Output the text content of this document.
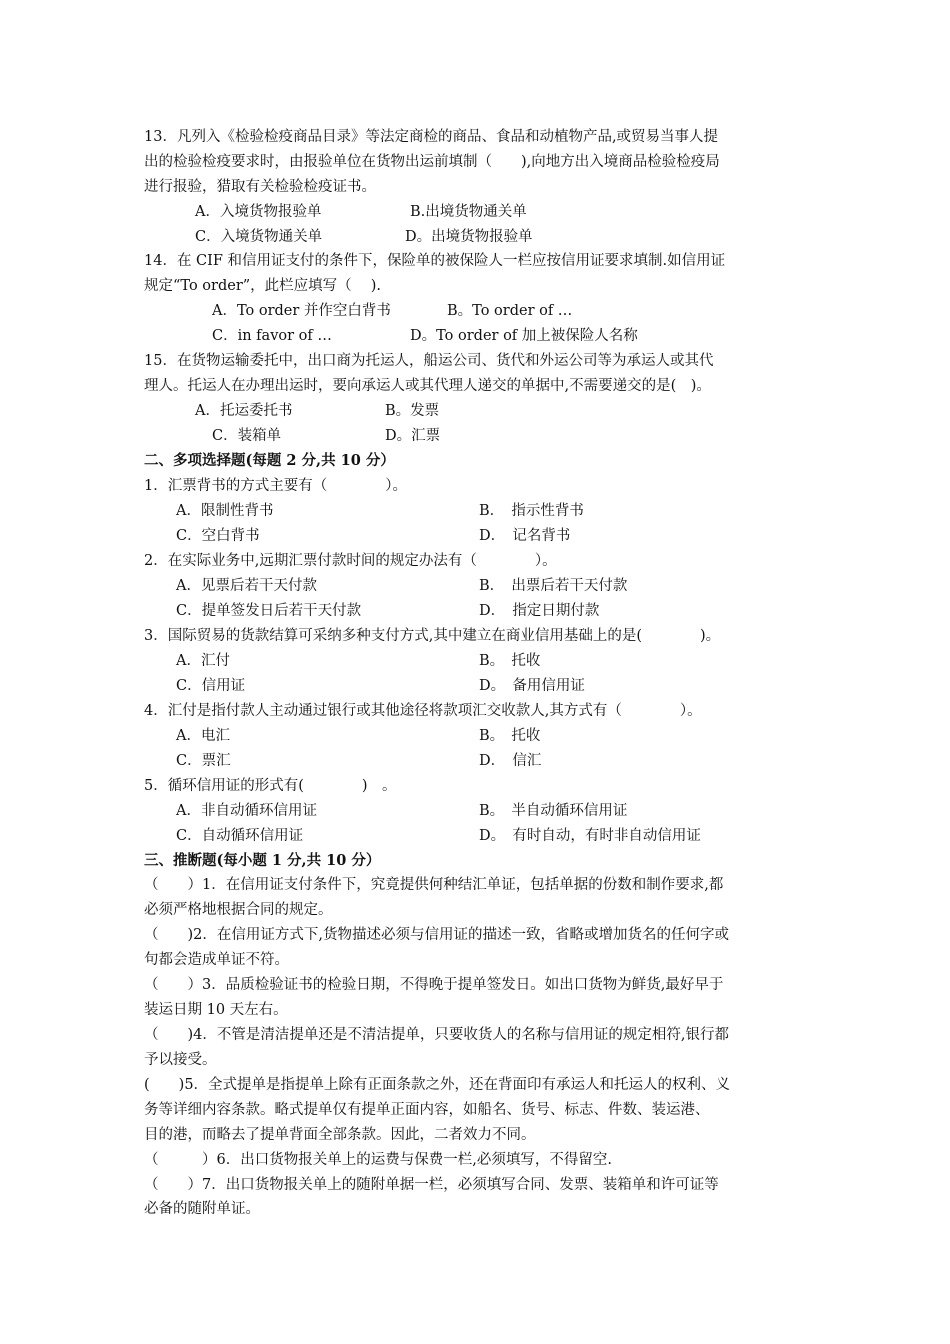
13．凡列入《检验检疫商品目录》等法定商检的商品、食品和动植物产品,或贸易当事人提
出的检验检疫要求时，由报验单位在货物出运前填制（　　),向地方出入境商品检验检疫局
进行报验，猎取有关检验检疫证书。
A．入境货物报验单	B.出境货物通关单
C．入境货物通关单	D。出境货物报验单
14．在 CIF 和信用证支付的条件下，保险单的被保险人一栏应按信用证要求填制.如信用证
规定“To order”，此栏应填写（　 ).
A．To order 并作空白背书	B。To order of …
C．in favor of …	D。To order of 加上被保险人名称
15．在货物运输委托中，出口商为托运人，船运公司、货代和外运公司等为承运人或其代
理人。托运人在办理出运时，要向承运人或其代理人递交的单据中,不需要递交的是(　)。
A．托运委托书	B。发票
C．装箱单	D。汇票
二、多项选择题(每题 2 分,共 10 分）
1．汇票背书的方式主要有（　　　　）。
A．限制性背书	B．　指示性背书
C．空白背书	D．　记名背书
2．在实际业务中,远期汇票付款时间的规定办法有（　　　　）。
A．见票后若干天付款	B．　出票后若干天付款
C．提单签发日后若干天付款	D．　指定日期付款
3．国际贸易的货款结算可采纳多种支付方式,其中建立在商业信用基础上的是(　　　　)。
A．汇付	B。　托收
C．信用证	D。　备用信用证
4．汇付是指付款人主动通过银行或其他途径将款项汇交收款人,其方式有（　　　　）。
A．电汇	B。　托收
C．票汇	D．　信汇
5．循环信用证的形式有(　　　　)　。
A．非自动循环信用证	B。　半自动循环信用证
C．自动循环信用证	D。　有时自动，有时非自动信用证
三、推断题(每小题 1 分,共 10 分）
（　　）1．在信用证支付条件下，究竟提供何种结汇单证，包括单据的份数和制作要求,都
必须严格地根据合同的规定。
（　　)2．在信用证方式下,货物描述必须与信用证的描述一致，省略或增加货名的任何字或
句都会造成单证不符。
（　　）3．品质检验证书的检验日期，不得晚于提单签发日。如出口货物为鲜货,最好早于
装运日期 10 天左右。
（　　)4．不管是清洁提单还是不清洁提单，只要收货人的名称与信用证的规定相符,银行都
予以接受。
(　　)5．全式提单是指提单上除有正面条款之外，还在背面印有承运人和托运人的权利、义
务等详细内容条款。略式提单仅有提单正面内容，如船名、货号、标志、件数、装运港、
目的港，而略去了提单背面全部条款。因此，二者效力不同。
（　　　）6．出口货物报关单上的运费与保费一栏,必须填写，不得留空.
（　　）7．出口货物报关单上的随附单据一栏，必须填写合同、发票、装箱单和许可证等
必备的随附单证。
